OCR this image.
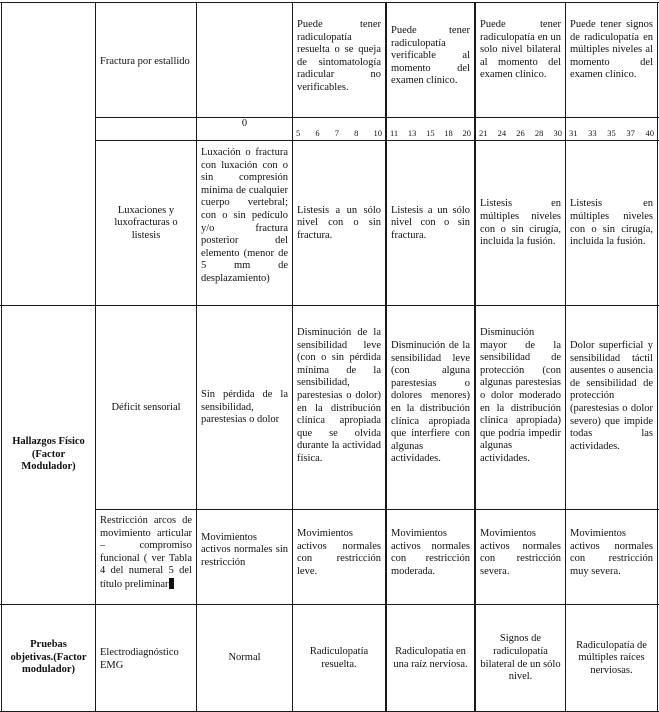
Fractura por estallido
Puede tener radiculopatía resuelta o se queja de sintomatología radicular no verificables.
Puede tener radiculopatía verificable al momento del examen clínico.
Puede tener radiculopatía en un solo nivel bilateral al momento del examen clínico.
Puede tener signos de radiculopatía en múltiples niveles al momento del examen clínico.
0
5 6 7 8 10 11 13 15 18 20 21 24 26 28 30 31 33 35 37 40
Luxaciones y luxofracturas o listesis
Luxación o fractura con luxación con o sin compresión mínima de cualquier cuerpo vertebral; con o sin pedículo y/o fractura posterior del elemento (menor de 5 mm de desplazamiento)
Listesis a un sólo nivel con o sin fractura.
Listesis a un sólo nivel con o sin fractura.
Listesis en múltiples niveles con o sin cirugía, incluida la fusión.
Listesis en múltiples niveles con o sin cirugía, incluida la fusión.
Hallazgos Físico (Factor Modulador)
Déficit sensorial
Sin pérdida de la sensibilidad, parestesias o dolor
Disminución de la sensibilidad leve (con o sin pérdida mínima de la sensibilidad, parestesias o dolor) en la distribución clínica apropiada que se olvida durante la actividad física.
Disminución de la sensibilidad leve (con alguna parestesias o dolores menores) en la distribución clínica apropiada que interfiere con algunas actividades.
Disminución mayor de la sensibilidad de protección (con algunas parestesias o dolor moderado en la distribución clínica apropiada) que podría impedir algunas actividades.
Dolor superficial y sensibilidad táctil ausentes o ausencia de sensibilidad de protección (parestesias o dolor severo) que impide todas las actividades.
Restricción arcos de movimiento articular – compromiso funcional ( ver Tabla 4 del numeral 5 del título preliminar
Movimientos activos normales sin restricción
Movimientos activos normales con restricción leve.
Movimientos activos normales con restricción moderada.
Movimientos activos normales con restricción severa.
Movimientos activos normales con restricción muy severa.
Pruebas objetivas.(Factor modulador)
Electrodiagnóstico EMG
Normal
Radiculopatía resuelta.
Radiculopatía en una raíz nerviosa.
Signos de radiculopatía bilateral de un sólo nivel.
Radiculopatía de múltiples raíces nerviosas.
